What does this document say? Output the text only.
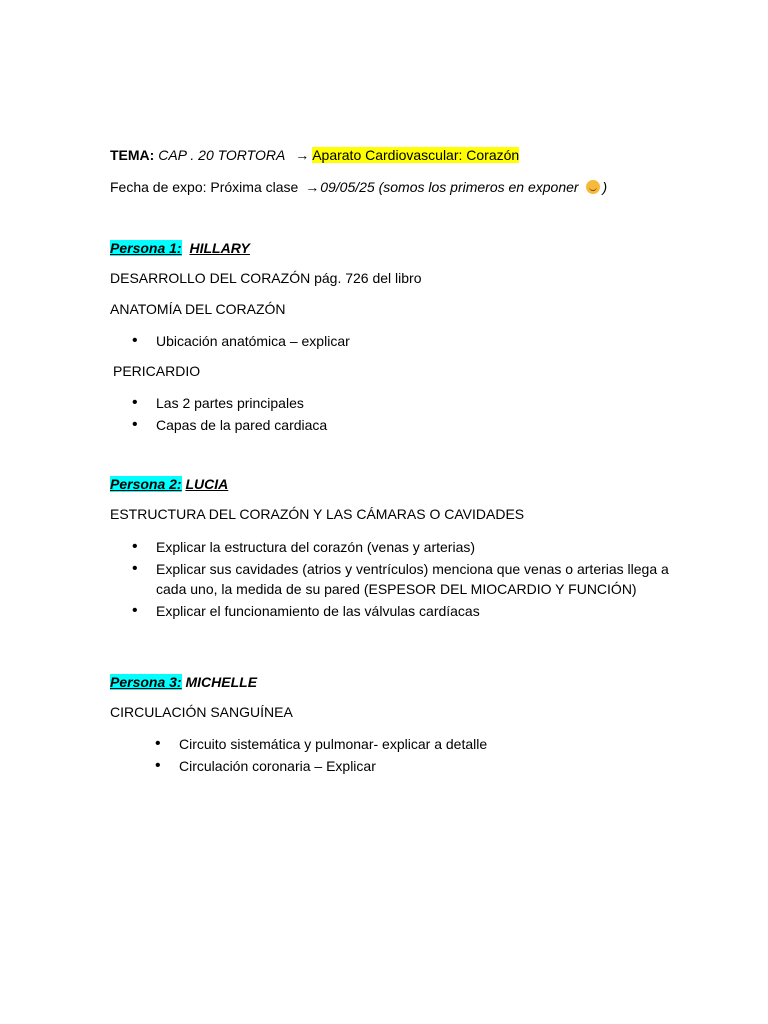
TEMA: CAP . 20 TORTORA → Aparato Cardiovascular: Corazón
Fecha de expo: Próxima clase →09/05/25 (somos los primeros en exponer )
Persona 1: HILLARY
DESARROLLO DEL CORAZÓN pág. 726 del libro
ANATOMÍA DEL CORAZÓN
• Ubicación anatómica – explicar
PERICARDIO
• Las 2 partes principales
• Capas de la pared cardiaca
Persona 2: LUCIA
ESTRUCTURA DEL CORAZÓN Y LAS CÁMARAS O CAVIDADES
• Explicar la estructura del corazón (venas y arterias)
• Explicar sus cavidades (atrios y ventrículos) menciona que venas o arterias llega a cada uno, la medida de su pared (ESPESOR DEL MIOCARDIO Y FUNCIÓN)
• Explicar el funcionamiento de las válvulas cardíacas
Persona 3: MICHELLE
CIRCULACIÓN SANGUÍNEA
• Circuito sistemática y pulmonar- explicar a detalle
• Circulación coronaria – Explicar
